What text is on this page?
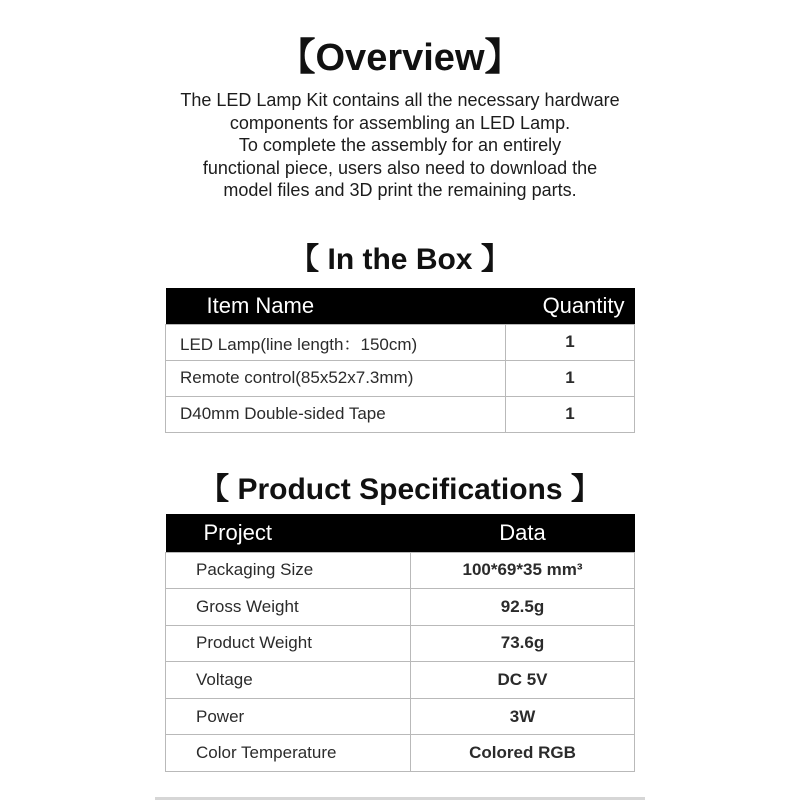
【Overview】
The LED Lamp Kit contains all the necessary hardware
components for assembling an LED Lamp.
To complete the assembly for an entirely
functional piece, users also need to download the
model files and 3D print the remaining parts.
【 In the Box 】
Item Name	Quantity
LED Lamp(line length：150cm)	1
Remote control(85x52x7.3mm)	1
D40mm Double-sided Tape	1
【 Product Specifications 】
Project	Data
Packaging Size	100*69*35 mm³
Gross Weight	92.5g
Product Weight	73.6g
Voltage	DC 5V
Power	3W
Color Temperature	Colored RGB
